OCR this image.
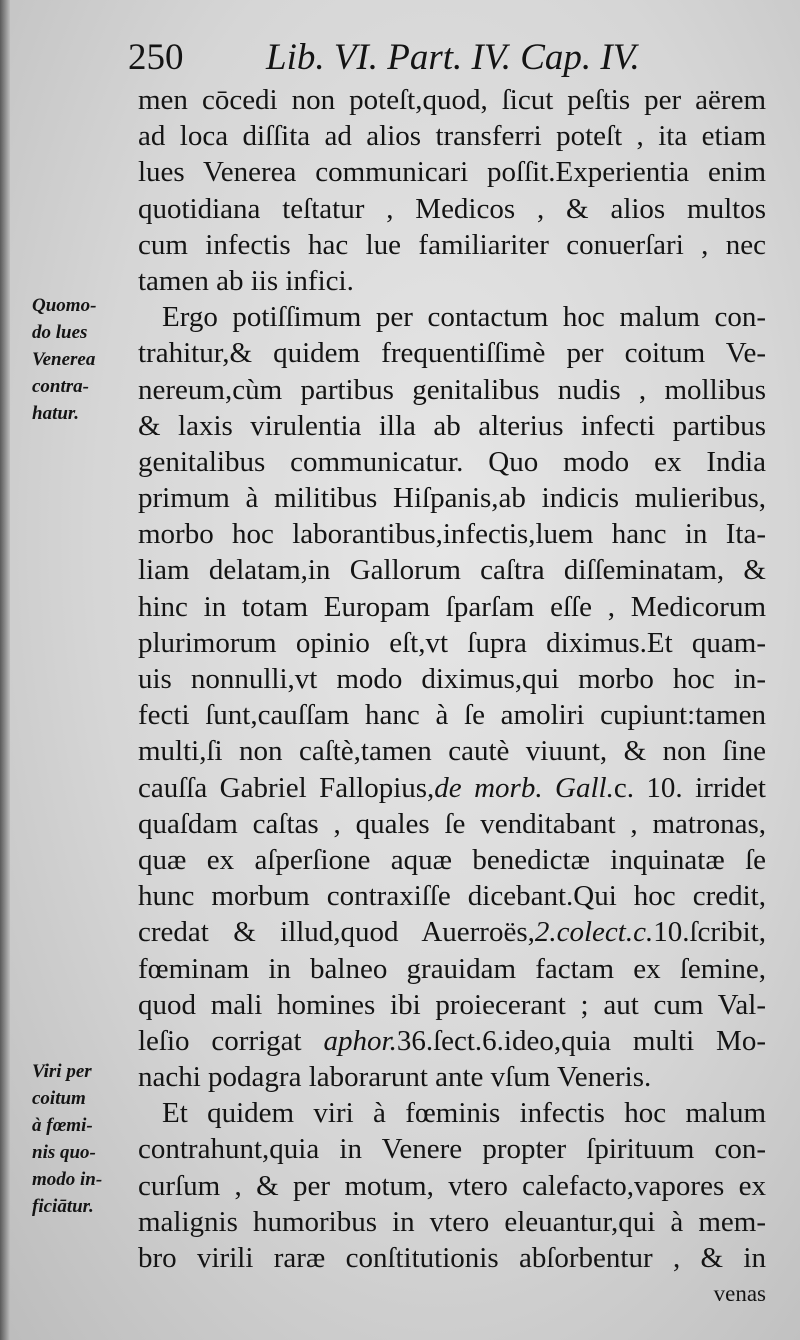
250 Lib. VI. Part. IV. Cap. IV.
Quomo-
do lues
Venerea
contra-
hatur.
Viri per
coitum
à fœmi-
nis quo-
modo in-
ficiātur.
men cōcedi non poteſt,quod, ſicut peſtis per aërem
ad loca diſſita ad alios transferri poteſt , ita etiam
lues Venerea communicari poſſit.Experientia enim
quotidiana teſtatur , Medicos , & alios multos
cum infectis hac lue familiariter conuerſari , nec
tamen ab iis infici.
Ergo potiſſimum per contactum hoc malum con-
trahitur,& quidem frequentiſſimè per coitum Ve-
nereum,cùm partibus genitalibus nudis , mollibus
& laxis virulentia illa ab alterius infecti partibus
genitalibus communicatur. Quo modo ex India
primum à militibus Hiſpanis,ab indicis mulieribus,
morbo hoc laborantibus,infectis,luem hanc in Ita-
liam delatam,in Gallorum caſtra diſſeminatam, &
hinc in totam Europam ſparſam eſſe , Medicorum
plurimorum opinio eſt,vt ſupra diximus.Et quam-
uis nonnulli,vt modo diximus,qui morbo hoc in-
fecti ſunt,cauſſam hanc à ſe amoliri cupiunt:tamen
multi,ſi non caſtè,tamen cautè viuunt, & non ſine
cauſſa Gabriel Fallopius,de morb. Gall.c. 10. irridet
quaſdam caſtas , quales ſe venditabant , matronas,
quæ ex aſperſione aquæ benedictæ inquinatæ ſe
hunc morbum contraxiſſe dicebant.Qui hoc credit,
credat & illud,quod Auerroës,2.colect.c.10.ſcribit,
fœminam in balneo grauidam factam ex ſemine,
quod mali homines ibi proiecerant ; aut cum Val-
leſio corrigat aphor.36.ſect.6.ideo,quia multi Mo-
nachi podagra laborarunt ante vſum Veneris.
Et quidem viri à fœminis infectis hoc malum
contrahunt,quia in Venere propter ſpirituum con-
curſum , & per motum, vtero calefacto,vapores ex
malignis humoribus in vtero eleuantur,qui à mem-
bro virili raræ conſtitutionis abſorbentur , & in
venas
